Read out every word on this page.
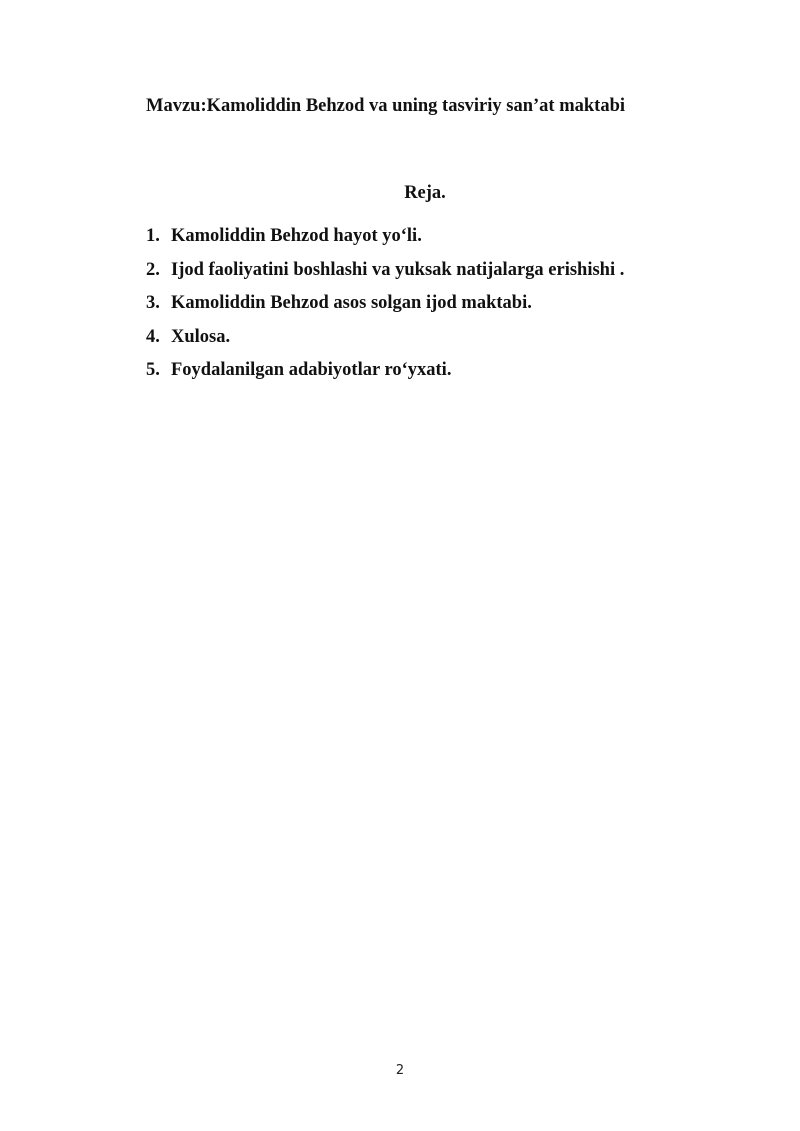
Mavzu:Kamoliddin Behzod va uning tasviriy san’at maktabi
Reja.
1. Kamoliddin Behzod hayot yo‘li.
2. Ijod faoliyatini boshlashi va yuksak natijalarga erishishi .
3. Kamoliddin Behzod asos solgan ijod maktabi.
4. Xulosa.
5. Foydalanilgan adabiyotlar ro‘yxati.
2
